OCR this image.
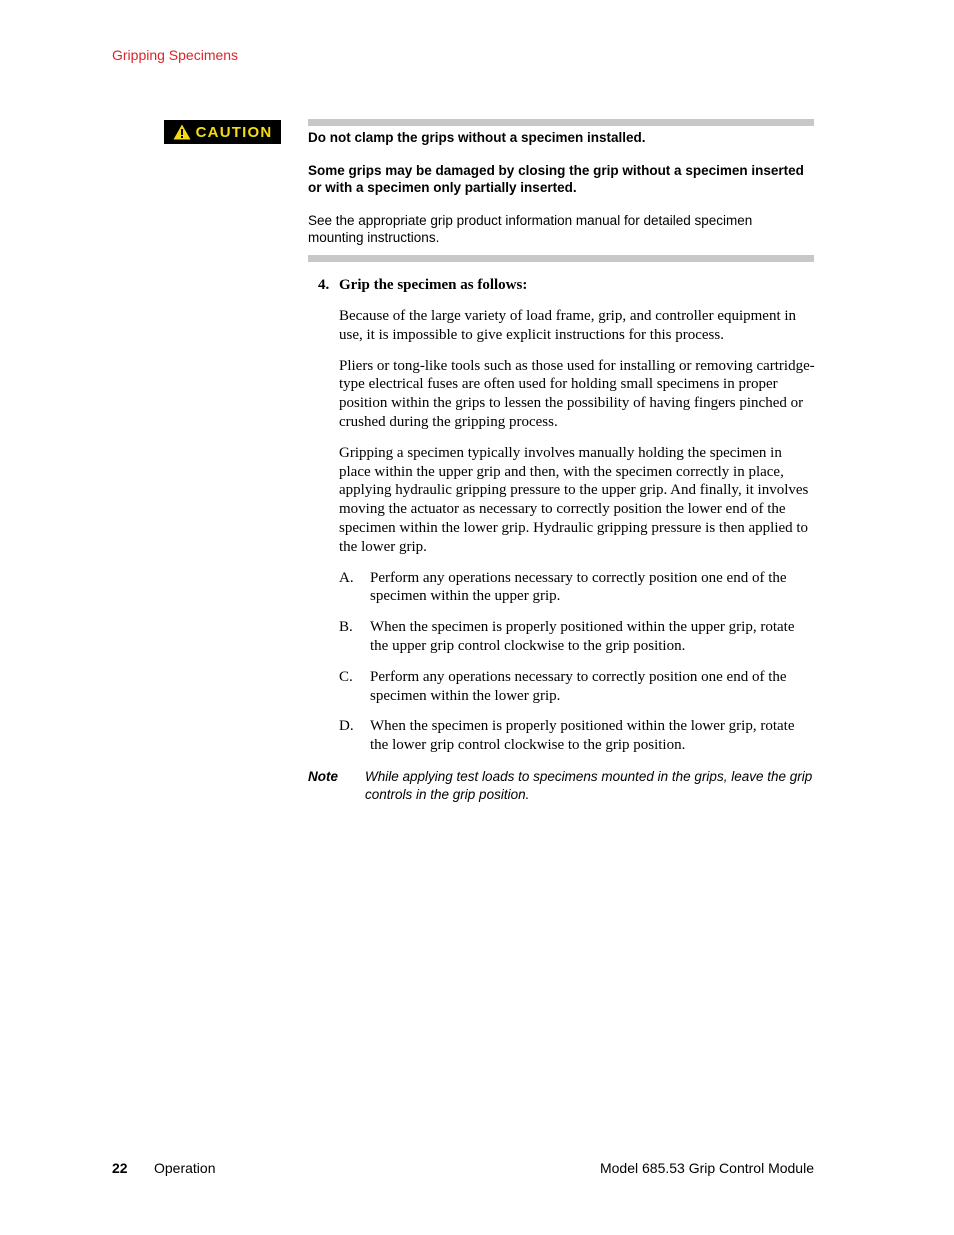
Gripping Specimens
CAUTION	Do not clamp the grips without a specimen installed.

Some grips may be damaged by closing the grip without a specimen inserted or with a specimen only partially inserted.

See the appropriate grip product information manual for detailed specimen mounting instructions.

4. Grip the specimen as follows:

Because of the large variety of load frame, grip, and controller equipment in use, it is impossible to give explicit instructions for this process.

Pliers or tong-like tools such as those used for installing or removing cartridge-type electrical fuses are often used for holding small specimens in proper position within the grips to lessen the possibility of having fingers pinched or crushed during the gripping process.

Gripping a specimen typically involves manually holding the specimen in place within the upper grip and then, with the specimen correctly in place, applying hydraulic gripping pressure to the upper grip. And finally, it involves moving the actuator as necessary to correctly position the lower end of the specimen within the lower grip. Hydraulic gripping pressure is then applied to the lower grip.

A.	Perform any operations necessary to correctly position one end of the specimen within the upper grip.
B.	When the specimen is properly positioned within the upper grip, rotate the upper grip control clockwise to the grip position.
C.	Perform any operations necessary to correctly position one end of the specimen within the lower grip.
D.	When the specimen is properly positioned within the lower grip, rotate the lower grip control clockwise to the grip position.
Note	While applying test loads to specimens mounted in the grips, leave the grip controls in the grip position.
22 Operation	Model 685.53 Grip Control Module
